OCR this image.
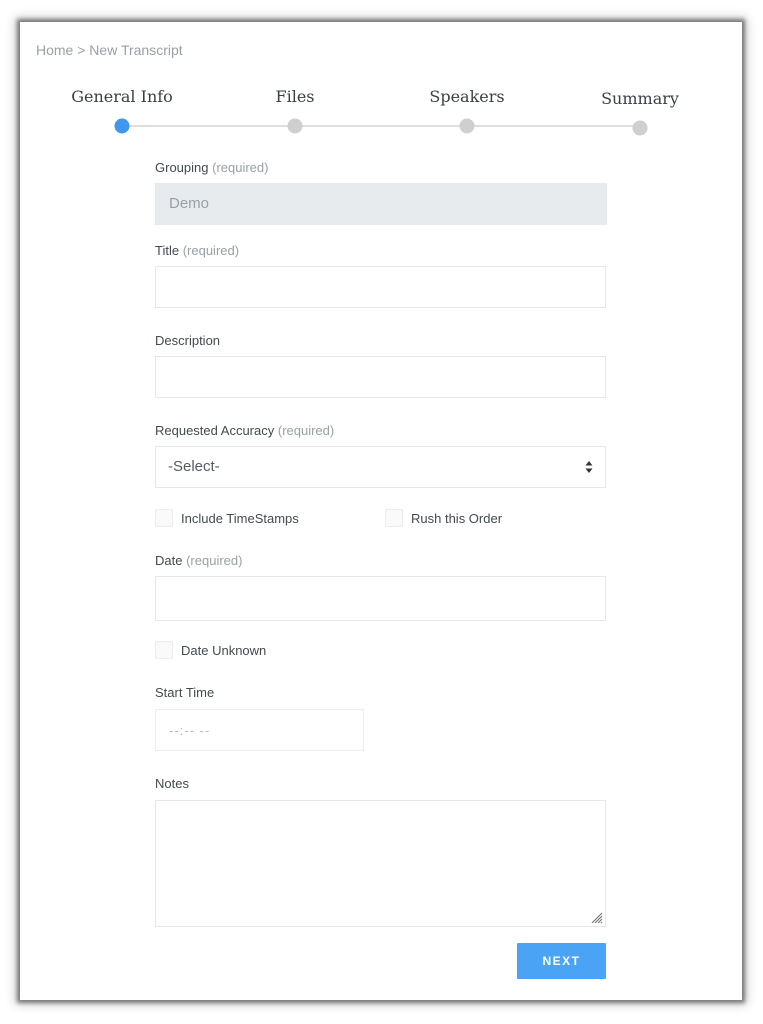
Home > New Transcript
General Info	Files	Speakers	Summary
Grouping (required)
Demo
Title (required)
Description
Requested Accuracy (required)
-Select-
Include TimeStamps	Rush this Order
Date (required)
Date Unknown
Start Time
--:-- --
Notes
NEXT
